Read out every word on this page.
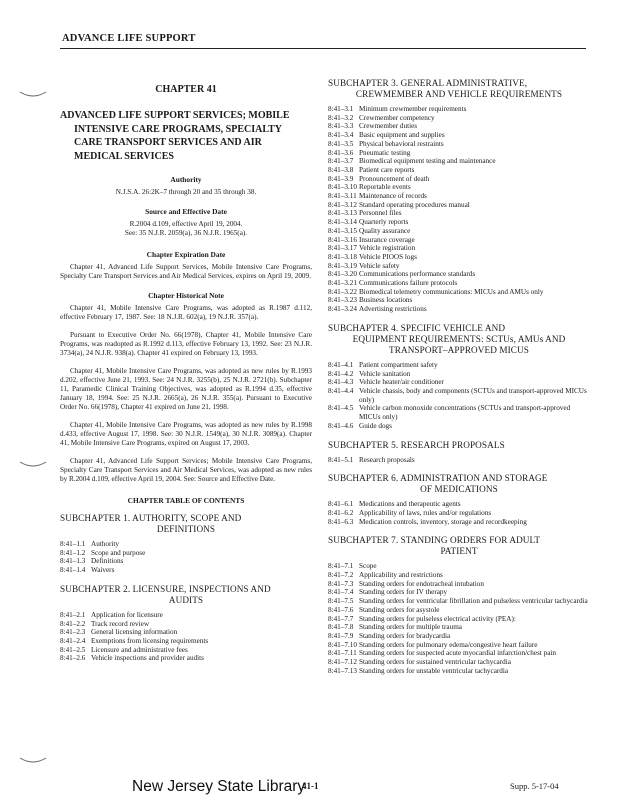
ADVANCE LIFE SUPPORT
CHAPTER 41
ADVANCED LIFE SUPPORT SERVICES; MOBILE INTENSIVE CARE PROGRAMS, SPECIALTY CARE TRANSPORT SERVICES AND AIR MEDICAL SERVICES
Authority
N.J.S.A. 26:2K–7 through 20 and 35 through 38.
Source and Effective Date
R.2004 d.109, effective April 19, 2004.
See: 35 N.J.R. 2059(a), 36 N.J.R. 1965(a).
Chapter Expiration Date

Chapter 41, Advanced Life Support Services, Mobile Intensive Care Programs, Specialty Care Transport Services and Air Medical Services, expires on April 19, 2009.

Chapter Historical Note

Chapter 41, Mobile Intensive Care Programs, was adopted as R.1987 d.112, effective February 17, 1987. See: 18 N.J.R. 602(a), 19 N.J.R. 357(a).

Pursuant to Executive Order No. 66(1978), Chapter 41, Mobile Intensive Care Programs, was readopted as R.1992 d.113, effective February 13, 1992. See: 23 N.J.R. 3734(a), 24 N.J.R. 938(a). Chapter 41 expired on February 13, 1993.

Chapter 41, Mobile Intensive Care Programs, was adopted as new rules by R.1993 d.202, effective June 21, 1993. See: 24 N.J.R. 3255(b), 25 N.J.R. 2721(b). Subchapter 11, Paramedic Clinical Training Objectives, was adopted as R.1994 d.35, effective January 18, 1994. See: 25 N.J.R. 2665(a), 26 N.J.R. 355(a). Pursuant to Executive Order No. 66(1978), Chapter 41 expired on June 21, 1998.

Chapter 41, Mobile Intensive Care Programs, was adopted as new rules by R.1998 d.433, effective August 17, 1998. See: 30 N.J.R. 1549(a), 30 N.J.R. 3089(a). Chapter 41, Mobile Intensive Care Programs, expired on August 17, 2003.

Chapter 41, Advanced Life Support Services; Mobile Intensive Care Programs, Specialty Care Transport Services and Air Medical Services, was adopted as new rules by R.2004 d.109, effective April 19, 2004. See: Source and Effective Date.

CHAPTER TABLE OF CONTENTS
SUBCHAPTER 1. AUTHORITY, SCOPE AND
DEFINITIONS
8:41–1.1 Authority
8:41–1.2 Scope and purpose
8:41–1.3 Definitions
8:41–1.4 Waivers
SUBCHAPTER 2. LICENSURE, INSPECTIONS AND
AUDITS
8:41–2.1 Application for licensure
8:41–2.2 Track record review
8:41–2.3 General licensing information
8:41–2.4 Exemptions from licensing requirements
8:41–2.5 Licensure and administrative fees
8:41–2.6 Vehicle inspections and provider audits
SUBCHAPTER 3. GENERAL ADMINISTRATIVE,
CREWMEMBER AND VEHICLE REQUIREMENTS
8:41–3.1 Minimum crewmember requirements
8:41–3.2 Crewmember competency
8:41–3.3 Crewmember duties
8:41–3.4 Basic equipment and supplies
8:41–3.5 Physical behavioral restraints
8:41–3.6 Pneumatic testing
8:41–3.7 Biomedical equipment testing and maintenance
8:41–3.8 Patient care reports
8:41–3.9 Pronouncement of death
8:41–3.10 Reportable events
8:41–3.11 Maintenance of records
8:41–3.12 Standard operating procedures manual
8:41–3.13 Personnel files
8:41–3.14 Quarterly reports
8:41–3.15 Quality assurance
8:41–3.16 Insurance coverage
8:41–3.17 Vehicle registration
8:41–3.18 Vehicle PIOOS logs
8:41–3.19 Vehicle safety
8:41–3.20 Communications performance standards
8:41–3.21 Communications failure protocols
8:41–3.22 Biomedical telemetry communications: MICUs and AMUs only
8:41–3.23 Business locations
8:41–3.24 Advertising restrictions
SUBCHAPTER 4. SPECIFIC VEHICLE AND
EQUIPMENT REQUIREMENTS: SCTUs, AMUs AND TRANSPORT–APPROVED MICUS
8:41–4.1 Patient compartment safety
8:41–4.2 Vehicle sanitation
8:41–4.3 Vehicle heater/air conditioner
8:41–4.4 Vehicle chassis, body and components (SCTUs and transport-approved MICUs only)
8:41–4.5 Vehicle carbon monoxide concentrations (SCTUs and transport-approved MICUs only)
8:41–4.6 Guide dogs
SUBCHAPTER 5. RESEARCH PROPOSALS
8:41–5.1 Research proposals
SUBCHAPTER 6. ADMINISTRATION AND STORAGE
OF MEDICATIONS
8:41–6.1 Medications and therapeutic agents
8:41–6.2 Applicability of laws, rules and/or regulations
8:41–6.3 Medication controls, inventory, storage and recordkeeping
SUBCHAPTER 7. STANDING ORDERS FOR ADULT
PATIENT
8:41–7.1 Scope
8:41–7.2 Applicability and restrictions
8:41–7.3 Standing orders for endotracheal intubation
8:41–7.4 Standing orders for IV therapy
8:41–7.5 Standing orders for ventricular fibrillation and pulseless ventricular tachycardia
8:41–7.6 Standing orders for asystole
8:41–7.7 Standing orders for pulseless electrical activity (PEA):
8:41–7.8 Standing orders for multiple trauma
8:41–7.9 Standing orders for bradycardia
8:41–7.10 Standing orders for pulmonary edema/congestive heart failure
8:41–7.11 Standing orders for suspected acute myocardial infarction/chest pain
8:41–7.12 Standing orders for sustained ventricular tachycardia
8:41–7.13 Standing orders for unstable ventricular tachycardia
New Jersey State Library
41-1	Supp. 5-17-04
